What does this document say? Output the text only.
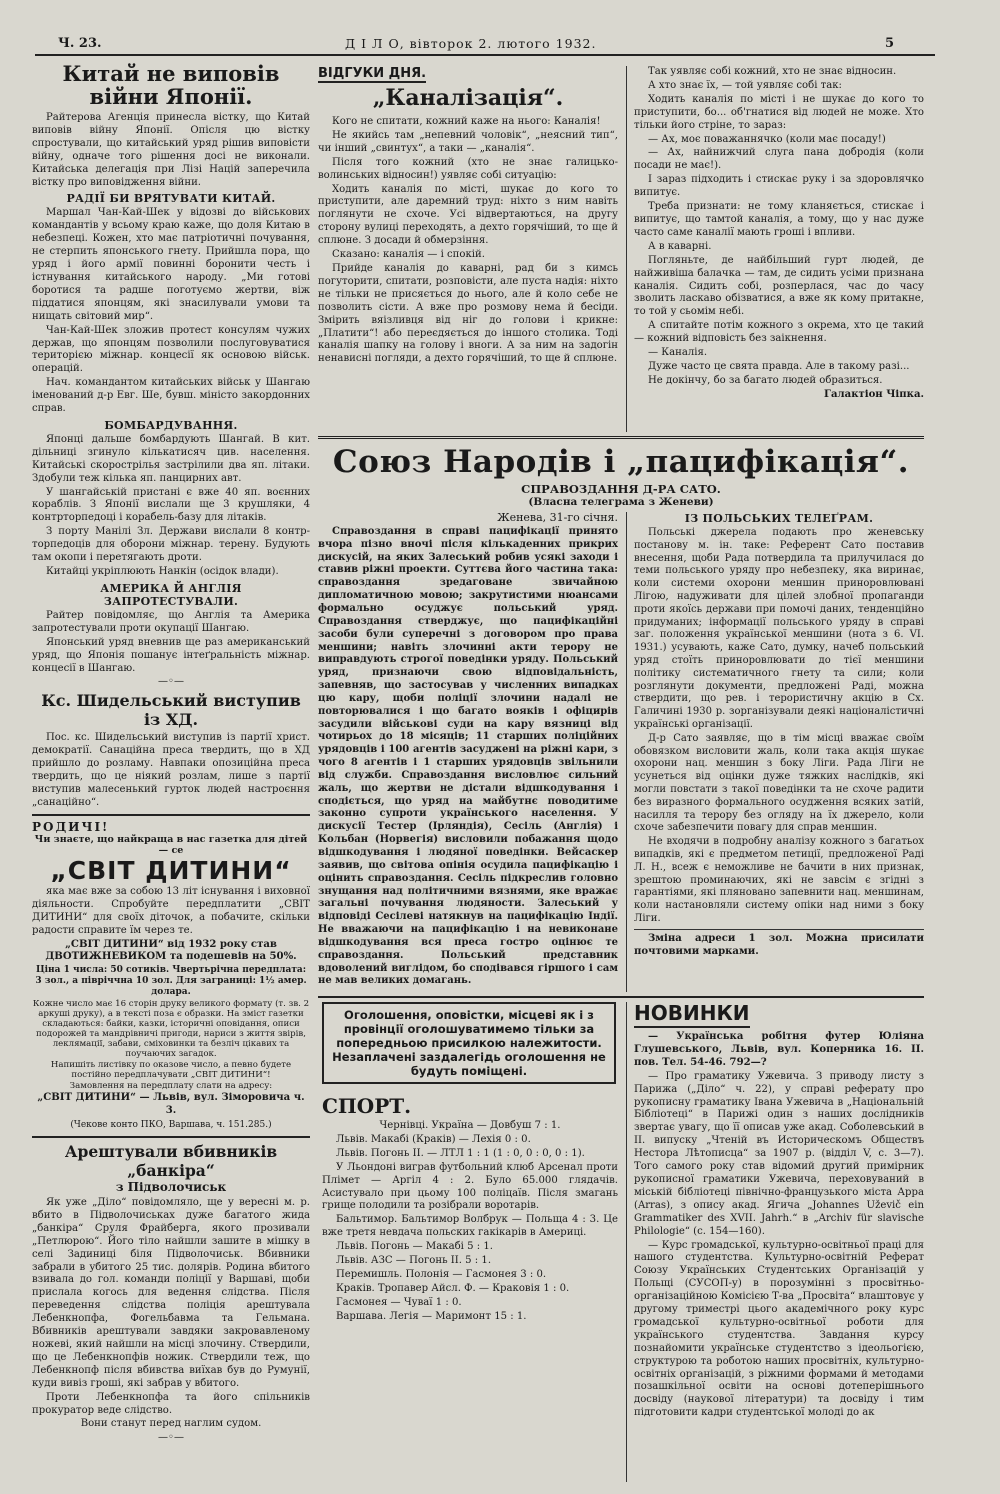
Ч. 23.	Д І Л О, вівторок 2. лютого 1932.	5
Китай не виповів війни Японії.

Райтерова Агенція принесла вістку, що Китай виповів війну Японії. Опісля цю вістку спростували, що китайський уряд рішив виповісти війну, одначе того рішення досі не виконали. Китайська делегація при Лізі Націй заперечила вістку про виповідження війни.

РАДІЇ БИ ВРЯТУВАТИ КИТАЙ.

Маршал Чан-Кай-Шек у відозві до військових командантів у всьому краю каже, що доля Китаю в небезпеці. Кожен, хто має патріотичні почування, не стерпить японського гнету. Прийшла пора, що уряд і його армії повинні боронити честь і істнування китайського народу. „Ми готові боротися та радше поготуємо жертви, віж піддатися японцям, які знасилували умови та нищать світовий мир“.

Чан-Кай-Шек зложив протест консулям чужих держав, що японцям позволили послуговуватися територією міжнар. концесії як основою військ. операцій.

Нач. командантом китайських військ у Шангаю іменований д-р Евг. Ше, бувш. міністо закордонних справ.

БОМБАРДУВАННЯ.

Японці дальше бомбардують Шангай. В кит. дільниці згинуло кількатисяч цив. населення. Китайські скорострілья застрілили два яп. літаки. Здобули теж кілька яп. панцирних авт.

У шангайській пристані є вже 40 яп. воєнних кораблів. З Японії вислали ще 3 крушляки, 4 контрторпедоці і корабель-базу для літаків.

З порту Манілі Зл. Держави вислали 8 контр-торпедоців для оборони міжнар. терену. Будують там окопи і перетягають дроти.

Китайці укріплюють Нанкін (осідок влади).

АМЕРИКА Й АНГЛІЯ ЗАПРОТЕСТУВАЛИ.

Райтер повідомляє, що Англія та Америка запротестували проти окупації Шангаю.

Японський уряд вневнив ще раз американський уряд, що Японія пошанує інтеґральність міжнар. концесії в Шангаю.

—◦—
Кс. Шидельський виступив із ХД.

Пос. кс. Шидельський виступив із партії христ. демократії. Санаційна преса твердить, що в ХД прийшло до розламу. Навпаки опозиційна преса твердить, що це ніякий розлам, лише з партії виступив малесенький гурток людей настроєння „санаційно“.

РОДИЧІ!
Чи знаєте, що найкраща в нас газетка для дітей — се
„СВІТ ДИТИНИ“

яка має вже за собою 13 літ існування і виховної діяльности. Спробуйте передплатити „СВІТ ДИТИНИ“ для своїх діточок, а побачите, скільки радости справите їм через те.

„СВІТ ДИТИНИ“ від 1932 року став ДВОТИЖНЕВИКОМ та подешевів на 50%.

Ціна 1 числа: 50 сотиків. Чвертьрічна передплата: 3 зол., а півріччна 10 зол. Для заграниці: 1½ амер. долара.

Кожне число має 16 сторін друку великого формату (т. зв. 2 аркуші друку), а в тексті поза є образки. На зміст газетки складаються: байки, казки, історичні оповідання, описи подорожей та мандрівничі пригоди, нариси з життя звірів, леклямації, забави, сміховинки та безліч цікавих та поучаючих загадок.

Напишіть листівку по оказове число, а певно будете постійно передплачувати „СВІТ ДИТИНИ“!

Замовлення на передплату слати на адресу:

„СВІТ ДИТИНИ“ — Львів, вул. Зіморовича ч. 3.

(Чекове конто ПКО, Варшава, ч. 151.285.)

Арештували вбивників „банкіра“
з Підволочиськ

Як уже „Діло“ повідомляло, ще у вересні м. р. вбито в Підволочиськах дуже багатого жида „банкіра“ Сруля Фрайберга, якого прозивали „Петлюрою“. Його тіло найшли зашите в мішку в селі Задиниці біля Підволочиськ. Вбивники забрали в убитого 25 тис. долярів. Родина вбитого взивала до гол. команди поліції у Варшаві, щоби прислала когось для ведення слідства. Після переведення слідства поліція арештувала Лебенкнопфа, Фогельбавма та Гельмана. Вбивників арештували завдяки закровавленому ножеві, який найшли на місці злочину. Ствердили, що це Лебенкнопфів ножик. Ствердили теж, що Лебенкнопф після вбивства виїхав був до Румунії, куди вивіз гроші, які забрав у вбитого.

Проти Лебенкнопфа та його спільників прокуратор веде слідство.

Вони станут перед наглим судом.

—◦—
ВІДГУКИ ДНЯ.
„Каналізація“.

Кого не спитати, кожний каже на нього: Каналія!

Не якийсь там „непевний чоловік“, „неясний тип“, чи інший „свинтух“, а таки — „каналія“.

Після того кожний (хто не знає галицько-волинських відносин!) уявляє собі ситуацію:

Ходить каналія по місті, шукає до кого то приступити, але даремний труд: ніхто з ним навіть поглянути не схоче. Усі відвертаються, на другу сторону вулиці переходять, а дехто горячіший, то ще й сплюне. З досади й обмерзіння.

Сказано: каналія — і спокій.

Прийде каналія до каварні, рад би з кимсь погуторити, спитати, розповісти, але пуста надія: ніхто не тільки не присяється до нього, але й коло себе не позволить сісти. А вже про розмову нема й бесіди. Змірить вяізливця від ніг до голови і крикне: „Платити“! або переєдяється до іншого столика. Тоді каналія шапку на голову і вноги. А за ним на задогін ненависні погляди, а дехто горячіший, то ще й сплюне.

Так уявляє собі кожний, хто не знає відносин.

А хто знає їх, — той уявляє собі так:

Ходить каналія по місті і не шукає до кого то приступити, бо... об'гнатися від людей не може. Хто тільки його стріне, то зараз:

— Ах, моє поважаннячко (коли має посаду!)

— Ах, найнижчий слуга пана добродія (коли посади не має!).

І зараз підходить і стискає руку і за здоровлячко випитує.

Треба признати: не тому кланяється, стискає і випитує, що тамтой каналія, а тому, що у нас дуже часто саме каналії мають гроші і впливи.

А в каварні.

Погляньте, де найбільший гурт людей, де найживіша балачка — там, де сидить усіми признана каналія. Сидить собі, розперлася, час до часу зволить ласкаво обізватися, а вже як кому притакне, то той у сьомім небі.

А спитайте потім кожного з окрема, хто це такий — кожний відповість без заікнення.

— Каналія.

Дуже часто це свята правда. Але в такому разі...

Не докінчу, бо за багато людей образиться.

Галактіон Чіпка.

Союз Народів і „пацифікація“.
СПРАВОЗДАННЯ Д-РА САТО.
(Власна телеграма з Женеви)

Женева, 31-го січня.

Справоздання в справі пацифікації принято вчора пізно вночі після кількаденних прикрих дискусій, на яких Залеський робив усякі заходи і ставив ріжні проекти. Суттєва його частина така: справоздання зредаговане звичайною дипломатичною мовою; закрутистими нюансами формально осуджує польський уряд. Справоздання стверджує, що пацифікаційні засоби були суперечні з договором про права меншини; навіть злочинні акти терору не виправдують строгої поведінки уряду. Польський уряд, признаючи свою відповідальність, запевняв, що застосував у численних випадках цю кару, щоби поліції злочини надалі не повторювалися і що багато вояків і офіцирів засудили військові суди на кару вязниці від чотирьох до 18 місяців; 11 старших поліційних урядовців і 100 агентів засуджені на ріжні кари, з чого 8 агентів і 1 старших урядовців звільнили від служби. Справоздання висловлює сильний жаль, що жертви не дістали відшкодування і сподіється, що уряд на майбутнє поводитиме законно супроти українського населення. У дискусії Тестер (Ірляндія), Сесіль (Англія) і Кольбан (Норвегія) висловили побажання щодо відшкодування і людяної поведінки. Вейсаскер заявив, що світова опінія осудила пацифікацію і оцінить справоздання. Сесіль підкреслив головно знущання над політичними вязнями, яке вражає загальні почування людяности. Залеський у відповіді Сесілеві натякнув на пацифікацію Індії. Не вважаючи на пацифікацію і на невиконане відшкодування вся преса гостро оцінює те справоздання. Польський представник вдоволений виглідом, бо сподівався гіршого і сам не мав великих домагань.

ІЗ ПОЛЬСЬКИХ ТЕЛЕҐРАМ.

Польські джерела подають про женевську постанову м. ін. таке: Референт Сато поставив внесення, щоби Рада потвердила та прилучилася до теми польського уряду про небезпеку, яка виринає, коли системи охорони меншин приноровлювані Лігою, надуживати для цілей злобної пропаганди проти якоїсь держави при помочі даних, тенденційно придуманих; інформації польського уряду в справі заг. положення української меншини (нота з 6. VI. 1931.) усувають, каже Сато, думку, начеб польський уряд стоїть приноровлювати до тієї меншини політику систематичного гнету та сили; коли розглянути документи, предложені Раді, можна ствердити, що рев. і терористичну акцію в Сх. Галичині 1930 р. зорганізували деякі націоналістичні українські організації.

Д-р Сато заявляє, що в тім місці вважає своїм обовязком висловити жаль, коли така акція шукає охорони нац. меншин з боку Ліги. Рада Ліги не усунеться від оцінки дуже тяжких наслідків, які могли повстати з такої поведінки та не схоче радити без виразного формального осудження всяких затій, насилля та терору без огляду на їх джерело, коли схоче забезпечити повагу для справ меншин.

Не входячи в подробну аналізу кожного з багатьох випадків, які є предметом петиції, предложеної Раді Л. Н., всеж є неможливе не бачити в них признак, зрештою проминаючих, які не завсім є згідні з гарантіями, які пляновано запевнити нац. меншинам, коли настановляли систему опіки над ними з боку Ліги.

Зміна адреси 1 зол. Можна присилати почтовими марками.

Оголошення, оповістки, місцеві як і з провінції оголошуватимемо тільки за попередньою присилкою належитости. Незаплачені заздалегідь оголошення не будуть поміщені.
СПОРТ.

Чернівці. Україна — Довбуш 7 : 1.

Львів. Макабі (Краків) — Лехія 0 : 0.

Львів. Погонь II. — ЛТЛ 1 : 1 (1 : 0, 0 : 0, 0 : 1).

У Льондоні виграв футбольний клюб Арсенал проти Плімет — Аргіл 4 : 2. Було 65.000 глядачів. Асистувало при цьому 100 поліцаїв. Після змагань грище полодили та розібрали воротарів.

Бальтимор. Бальтимор Волбрук — Польща 4 : 3. Це вже третя невдача польских гакікарів в Америці.

Львів. Погонь — Макабі 5 : 1.

Львів. АЗС — Погонь II. 5 : 1.

Перемишль. Полонія — Гасмонея 3 : 0.

Краків. Тропавер Айсл. Ф. — Краковія 1 : 0.

Гасмонея — Чуваї 1 : 0.

Варшава. Легія — Маримонт 15 : 1.

НОВИНКИ

— Українська робітня футер Юліяна Глушевського, Львів, вул. Коперника 16. II. пов. Тел. 54-46. 792—?

— Про граматику Ужевича. З приводу листу з Парижа („Діло“ ч. 22), у справі реферату про рукописну граматику Івана Ужевича в „Національній Бібліотеці“ в Парижі один з наших дослідників звертає увагу, що її описав уже акад. Соболевський в II. випуску „Чтеній въ Историческомъ Обществъ Нестора Лѣтописца“ за 1907 р. (відділ V, с. 3—7). Того самого року став відомий другий примірник рукописної граматики Ужевича, переховуваний в міській бібліотеці північно-французького міста Арра (Arras), з опису акад. Ягича „Johannes Uževič ein Grammatiker des XVII. Jahrh.“ в „Archiv für slavische Philologie“ (с. 154—160).

— Курс громадської, культурно-освітньої праці для нашого студентства. Культурно-освітній Реферат Союзу Українських Студентських Організацій у Польщі (СУСОП-у) в порозумінні з просвітньо-організаційною Комісією Т-ва „Просвіта“ влаштовує у другому триместрі цього академічного року курс громадської культурно-освітньої роботи для українського студентства. Завдання курсу познайомити українське студентство з ідеольогією, структурою та роботою наших просвітніх, культурно-освітніх організацій, з ріжними формами й методами позашкільної освіти на основі дотеперішнього досвіду (наукової літератури) та досвіду і тим підготовити кадри студентської молоді до ак
